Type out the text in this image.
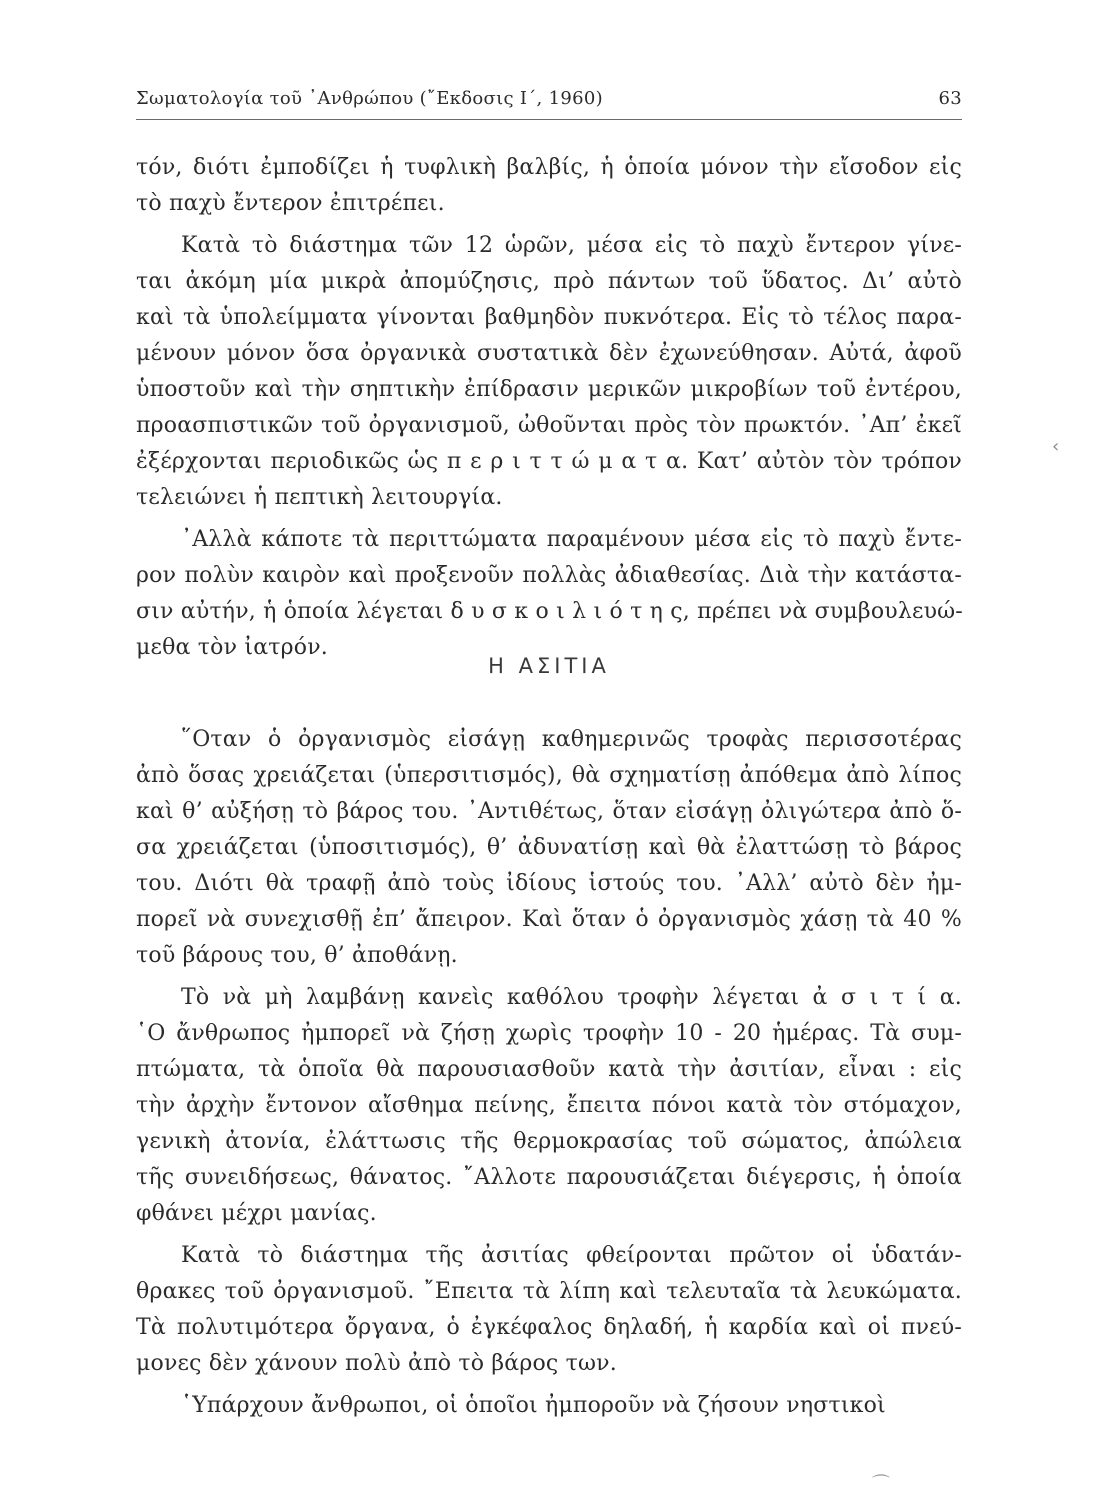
Σωματολογία τοῦ ᾿Ανθρώπου (῎Εκδοσις Ι΄, 1960)	63
τόν, διότι ἐμποδίζει ἡ τυφλικὴ βαλβίς, ἡ ὁποία μόνον τὴν εἴσοδον εἰς
τὸ παχὺ ἔντερον ἐπιτρέπει.
Κατὰ τὸ διάστημα τῶν 12 ὡρῶν, μέσα εἰς τὸ παχὺ ἔντερον γίνε-
ται ἀκόμη μία μικρὰ ἀπομύζησις, πρὸ πάντων τοῦ ὕδατος. Δι’ αὐτὸ
καὶ τὰ ὑπολείμματα γίνονται βαθμηδὸν πυκνότερα. Εἰς τὸ τέλος παρα-
μένουν μόνον ὅσα ὀργανικὰ συστατικὰ δὲν ἐχωνεύθησαν. Αὐτά, ἀφοῦ
ὑποστοῦν καὶ τὴν σηπτικὴν ἐπίδρασιν μερικῶν μικροβίων τοῦ ἐντέρου,
προασπιστικῶν τοῦ ὀργανισμοῦ, ὠθοῦνται πρὸς τὸν πρωκτόν. ᾿Απ’ ἐκεῖ
ἐξέρχονται περιοδικῶς ὡς π ε ρ ι τ τ ώ μ α τ α. Κατ’ αὐτὸν τὸν τρόπον
τελειώνει ἡ πεπτικὴ λειτουργία.
᾿Αλλὰ κάποτε τὰ περιττώματα παραμένουν μέσα εἰς τὸ παχὺ ἔντε-
ρον πολὺν καιρὸν καὶ προξενοῦν πολλὰς ἀδιαθεσίας. Διὰ τὴν κατάστα-
σιν αὐτήν, ἡ ὁποία λέγεται δ υ σ κ ο ι λ ι ό τ η ς, πρέπει νὰ συμβουλευώ-
μεθα τὸν ἰατρόν.
Η ΑΣΙΤΙΑ
῞Οταν ὁ ὀργανισμὸς εἰσάγῃ καθημερινῶς τροφὰς περισσοτέρας
ἀπὸ ὅσας χρειάζεται (ὑπερσιτισμός), θὰ σχηματίσῃ ἀπόθεμα ἀπὸ λίπος
καὶ θ’ αὐξήσῃ τὸ βάρος του. ᾿Αντιθέτως, ὅταν εἰσάγῃ ὀλιγώτερα ἀπὸ ὅ-
σα χρειάζεται (ὑποσιτισμός), θ’ ἀδυνατίσῃ καὶ θὰ ἐλαττώσῃ τὸ βάρος
του. Διότι θὰ τραφῇ ἀπὸ τοὺς ἰδίους ἱστούς του. ᾿Αλλ’ αὐτὸ δὲν ἠμ-
πορεῖ νὰ συνεχισθῇ ἐπ’ ἄπειρον. Καὶ ὅταν ὁ ὀργανισμὸς χάσῃ τὰ 40 %
τοῦ βάρους του, θ’ ἀποθάνῃ.
Τὸ νὰ μὴ λαμβάνῃ κανεὶς καθόλου τροφὴν λέγεται ἀ σ ι τ ί α.
῾Ο ἄνθρωπος ἠμπορεῖ νὰ ζήσῃ χωρὶς τροφὴν 10 - 20 ἡμέρας. Τὰ συμ-
πτώματα, τὰ ὁποῖα θὰ παρουσιασθοῦν κατὰ τὴν ἀσιτίαν, εἶναι : εἰς
τὴν ἀρχὴν ἔντονον αἴσθημα πείνης, ἔπειτα πόνοι κατὰ τὸν στόμαχον,
γενικὴ ἀτονία, ἐλάττωσις τῆς θερμοκρασίας τοῦ σώματος, ἀπώλεια
τῆς συνειδήσεως, θάνατος. ῎Αλλοτε παρουσιάζεται διέγερσις, ἡ ὁποία
φθάνει μέχρι μανίας.
Κατὰ τὸ διάστημα τῆς ἀσιτίας φθείρονται πρῶτον οἱ ὑδατάν-
θρακες τοῦ ὀργανισμοῦ. ῎Επειτα τὰ λίπη καὶ τελευταῖα τὰ λευκώματα.
Τὰ πολυτιμότερα ὄργανα, ὁ ἐγκέφαλος δηλαδή, ἡ καρδία καὶ οἱ πνεύ-
μονες δὲν χάνουν πολὺ ἀπὸ τὸ βάρος των.
῾Υπάρχουν ἄνθρωποι, οἱ ὁποῖοι ἠμποροῦν νὰ ζήσουν νηστικοὶ
‹
⌒
